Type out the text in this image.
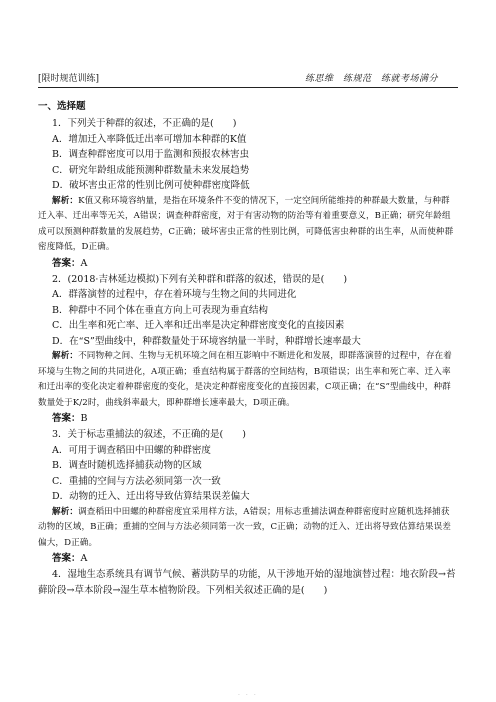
[限时规范训练]	练思维　练规范　练就考场满分

一、选择题

1．下列关于种群的叙述，不正确的是(　　)

A．增加迁入率降低迁出率可增加本种群的K值

B．调查种群密度可以用于监测和预报农林害虫

C．研究年龄组成能预测种群数量未来发展趋势

D．破坏害虫正常的性别比例可使种群密度降低

解析：K值又称环境容纳量，是指在环境条件不变的情况下，一定空间所能维持的种群最大数量，与种群迁入率、迁出率等无关，A错误；调查种群密度，对于有害动物的防治等有着重要意义，B正确；研究年龄组成可以预测种群数量的发展趋势，C正确；破坏害虫正常的性别比例，可降低害虫种群的出生率，从而使种群密度降低，D正确。

答案：A

2．(2018·吉林延边模拟)下列有关种群和群落的叙述，错误的是(　　)

A．群落演替的过程中，存在着环境与生物之间的共同进化

B．种群中不同个体在垂直方向上可表现为垂直结构

C．出生率和死亡率、迁入率和迁出率是决定种群密度变化的直接因素

D．在“S”型曲线中，种群数量处于环境容纳量一半时，种群增长速率最大

解析：不同物种之间、生物与无机环境之间在相互影响中不断进化和发展，即群落演替的过程中，存在着环境与生物之间的共同进化，A项正确；垂直结构属于群落的空间结构，B项错误；出生率和死亡率、迁入率和迁出率的变化决定着种群密度的变化，是决定种群密度变化的直接因素，C项正确；在“S”型曲线中，种群数量处于K/2时，曲线斜率最大，即种群增长速率最大，D项正确。

答案：B

3．关于标志重捕法的叙述，不正确的是(　　)

A．可用于调查稻田中田螺的种群密度

B．调查时随机选择捕获动物的区域

C．重捕的空间与方法必须同第一次一致

D．动物的迁入、迁出将导致估算结果误差偏大

解析：调查稻田中田螺的种群密度宜采用样方法，A错误；用标志重捕法调查种群密度时应随机选择捕获动物的区域，B正确；重捕的空间与方法必须同第一次一致，C正确；动物的迁入、迁出将导致估算结果误差偏大，D正确。

答案：A

4．湿地生态系统具有调节气候、蓄洪防旱的功能，从干涉地开始的湿地演替过程：地衣阶段→苔藓阶段→草本阶段→湿生草本植物阶段。下列相关叙述正确的是(　　)

·　·　·
